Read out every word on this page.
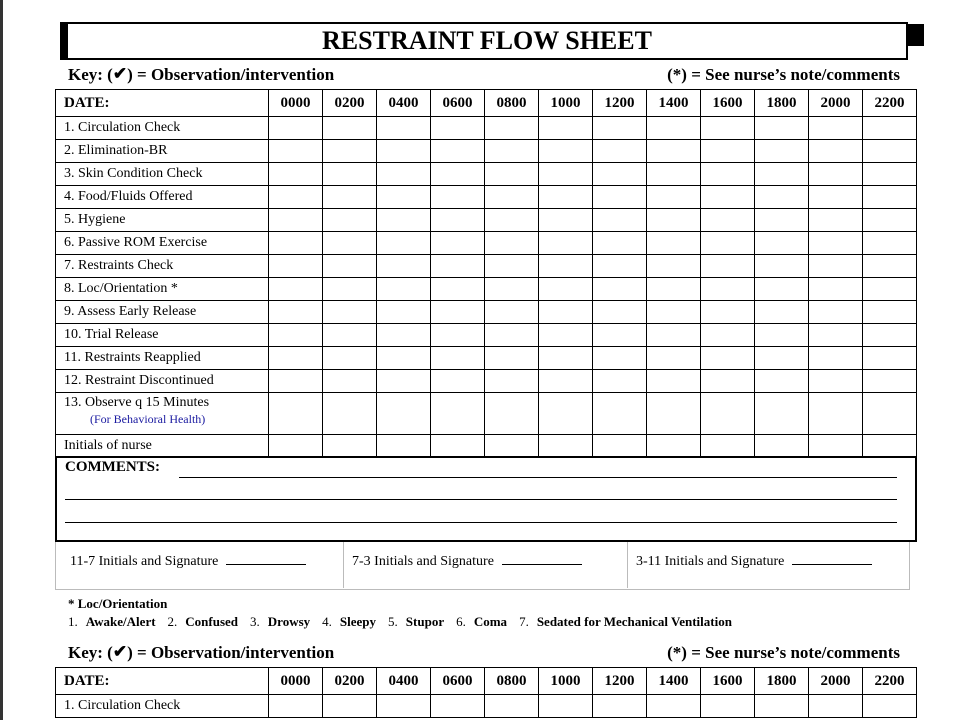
RESTRAINT FLOW SHEET
Key: (✔) = Observation/intervention	(*) = See nurse’s note/comments
DATE:	0000	0200	0400	0600	0800	1000	1200	1400	1600	1800	2000	2200
1. Circulation Check												
2. Elimination-BR												
3. Skin Condition Check												
4. Food/Fluids Offered												
5. Hygiene												
6. Passive ROM Exercise												
7. Restraints Check												
8. Loc/Orientation *												
9. Assess Early Release												
10. Trial Release												
11. Restraints Reapplied												
12. Restraint Discontinued												
13. Observe q 15 Minutes
(For Behavioral Health)												

Initials of nurse												
COMMENTS:
11-7 Initials and Signature	7-3 Initials and Signature	3-11 Initials and Signature
* Loc/Orientation
1. Awake/Alert 2. Confused 3. Drowsy 4. Sleepy 5. Stupor 6. Coma 7. Sedated for Mechanical Ventilation
Key: (✔) = Observation/intervention	(*) = See nurse’s note/comments
DATE:	0000	0200	0400	0600	0800	1000	1200	1400	1600	1800	2000	2200
1. Circulation Check												
